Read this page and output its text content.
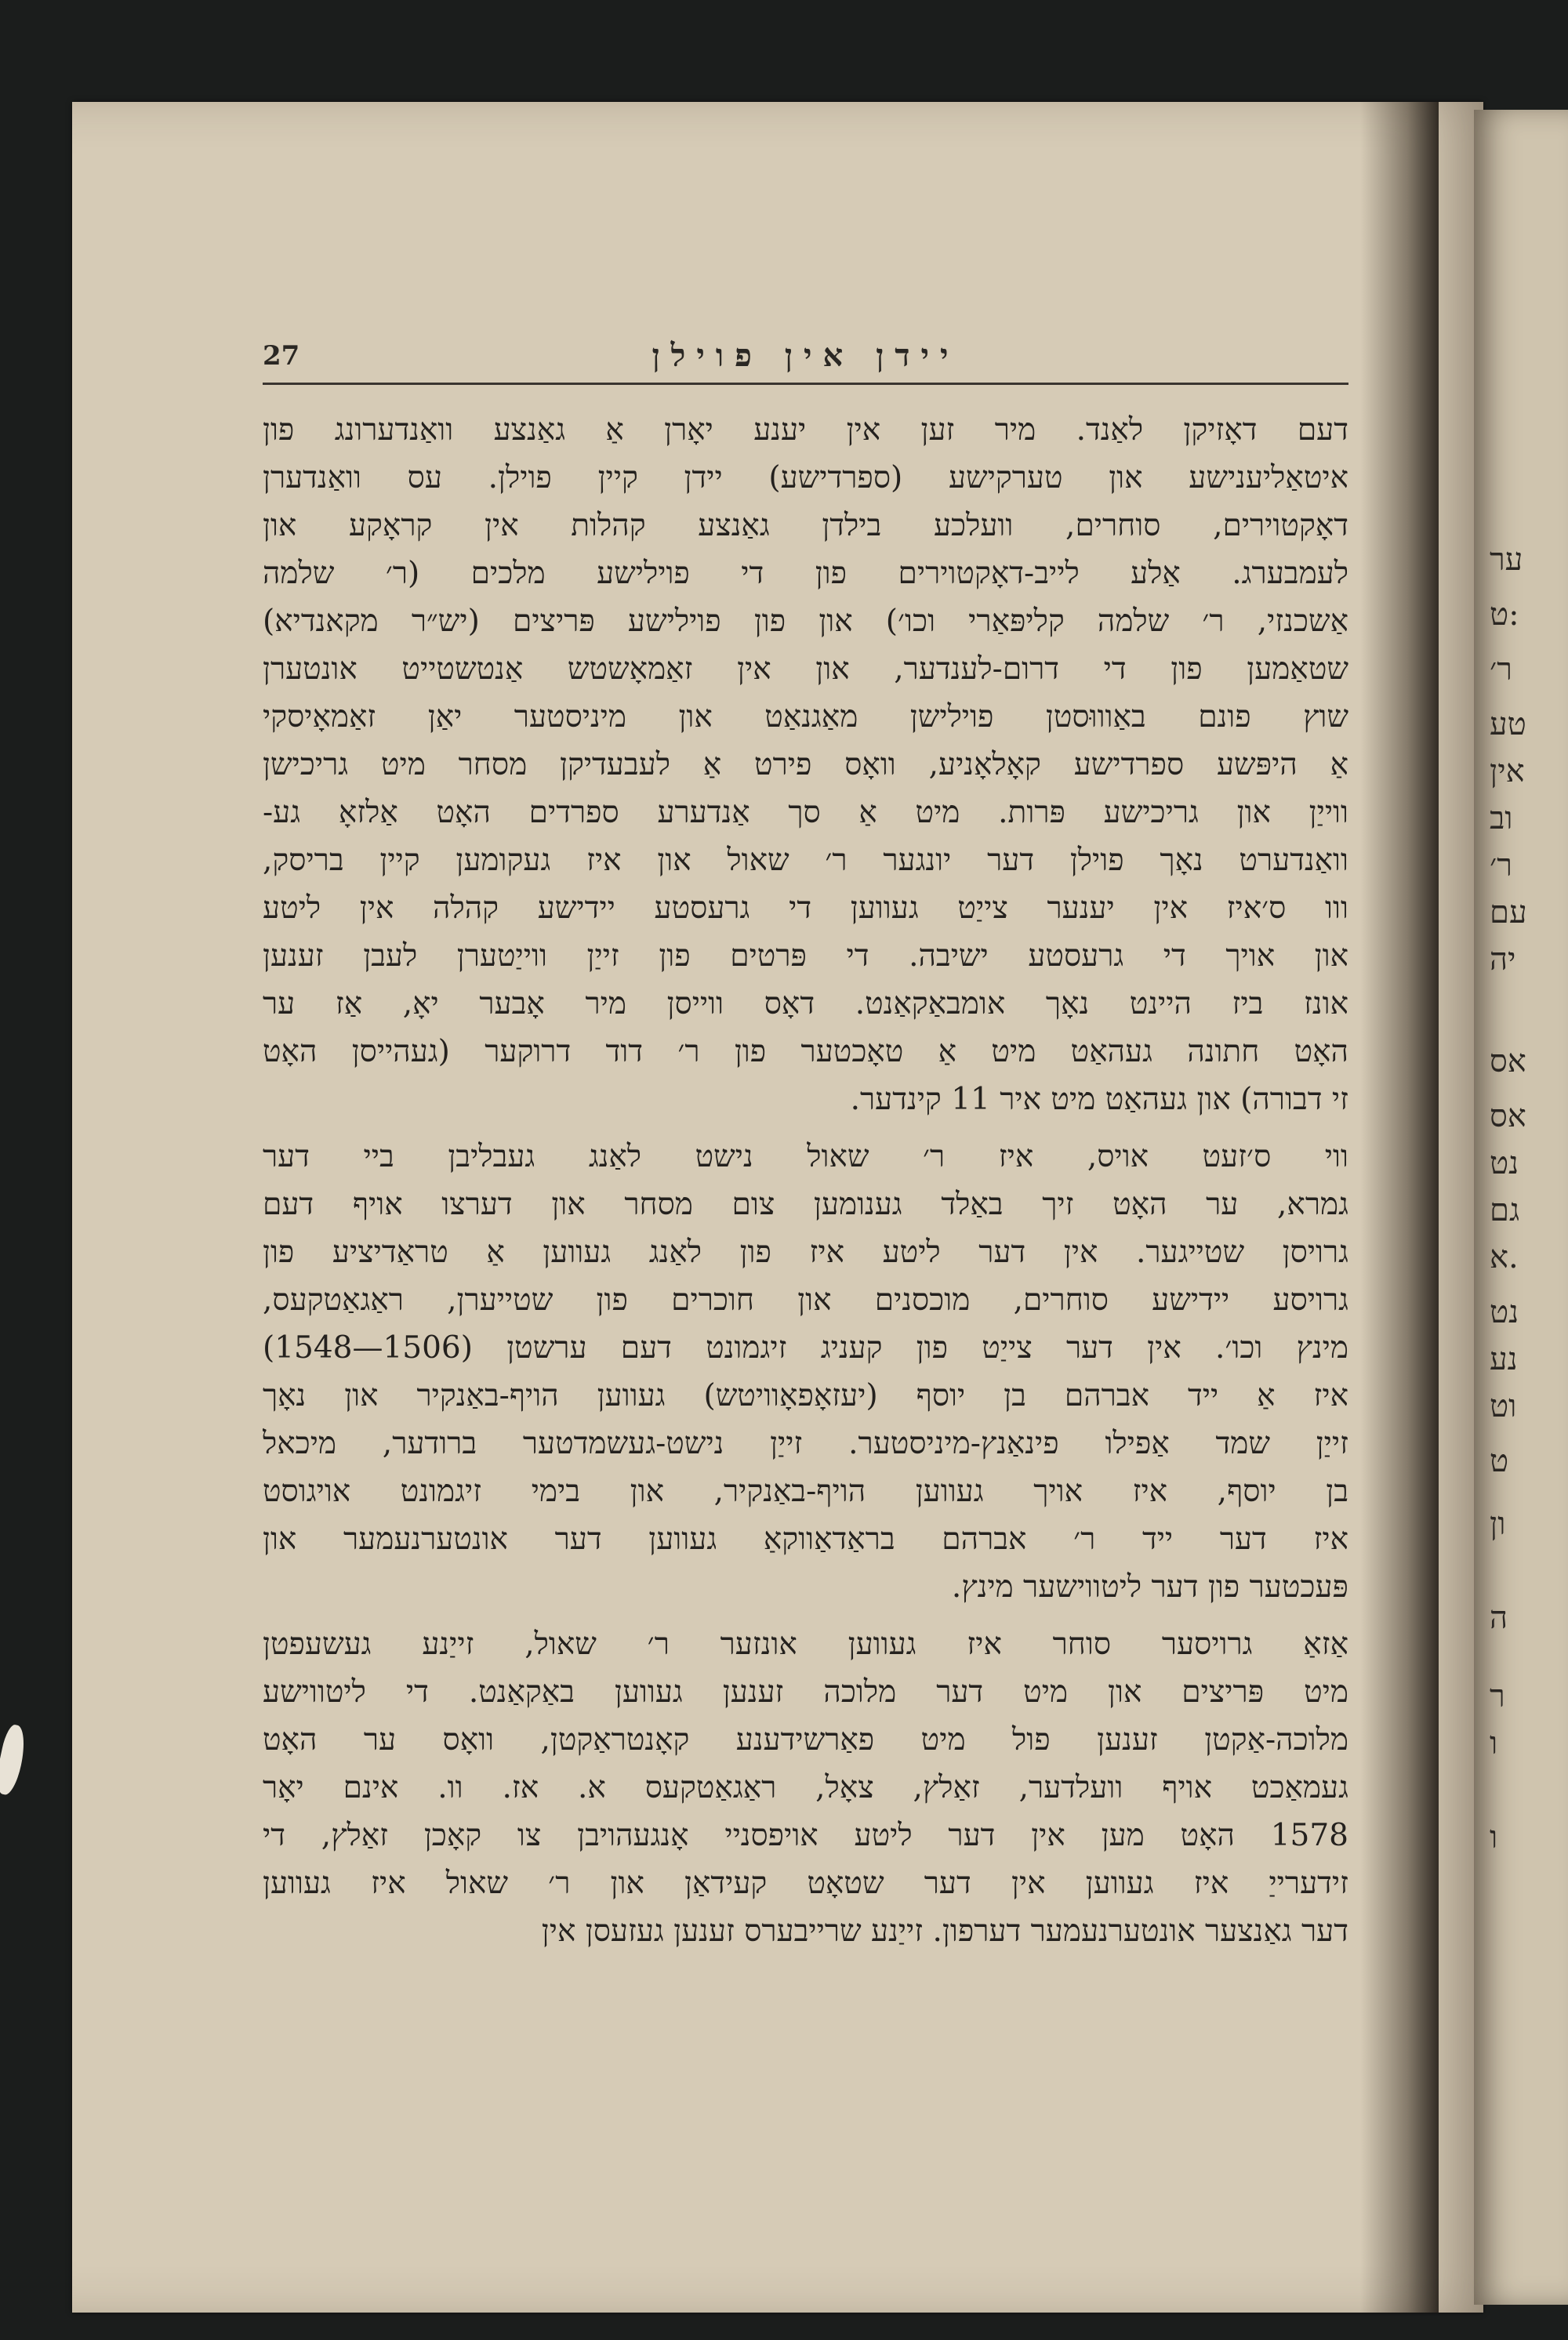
ער
ט:
ר׳
טע
אין
וב
ר׳
עם
יה
אס
אס
נט
גם
א.
נט
נע
וט
ט
ון
ה
ר
ו
ו
27	יידן אין פוילן
דעם דאָזיקן לאַנד. מיר זען אין יענע יאָרן אַ גאַנצע וואַנדערונג פון
איטאַליענישע און טערקישע (ספרדישע) יידן קיין פוילן. עס וואַנדערן
דאָקטוירים, סוחרים, וועלכע בילדן גאַנצע קהלות אין קראָקע און
לעמבערג. אַלע לייב-דאָקטוירים פון די פוילישע מלכים (ר׳ שלמה
אַשכנזי, ר׳ שלמה קליפּאַרי וכו׳) און פון פוילישע פּריצים (יש״ר מקאנדיא)
שטאַמען פון די דרום-לענדער, און אין זאַמאָשטש אַנטשטייט אונטערן
שוץ פונם באַוווּסטן פוילישן מאַגנאַט און מיניסטער יאַן זאַמאָיסקי
אַ היפּשע ספרדישע קאָלאָניע, וואָס פירט אַ לעבעדיקן מסחר מיט גריכישן
ווייַן און גריכישע פּרות. מיט אַ סך אַנדערע ספרדים האָט אַלזאָ גע-
וואַנדערט נאָך פוילן דער יונגער ר׳ שאול און איז געקומען קיין בריסק,
ווו ס׳איז אין יענער צייַט געווען די גרעסטע יידישע קהלה אין ליטע
און אויך די גרעסטע ישיבה. די פּרטים פון זייַן ווייַטערן לעבן זענען
אונז ביז היינט נאָך אומבאַקאַנט. דאָס ווייסן מיר אָבער יאָ, אַז ער
האָט חתונה געהאַט מיט אַ טאָכטער פון ר׳ דוד דרוקער (געהייסן האָט
זי דבורה) און געהאַט מיט איר 11 קינדער.
ווי ס׳זעט אויס, איז ר׳ שאול נישט לאַנג געבליבן ביי דער
גמרא, ער האָט זיך באַלד גענומען צום מסחר און דערצו אויף דעם
גרויסן שטייגער. אין דער ליטע איז פון לאַנג געווען אַ טראַדיציע פון
גרויסע יידישע סוחרים, מוכסנים און חוכרים פון שטייערן, ראַגאַטקעס,
מינץ וכו׳. אין דער צייַט פון קעניג זיגמונט דעם ערשטן (1506—1548)
איז אַ ייד אברהם בן יוסף (יעזאָפאָוויטש) געווען הויף-באַנקיר און נאָך
זייַן שמד אַפילו פינאַנץ-מיניסטער. זייַן נישט-געשמדטער ברודער, מיכאל
בן יוסף, איז אויך געווען הויף-באַנקיר, און בימי זיגמונט אויגוסט
איז דער ייד ר׳ אברהם בראַדאַווקאַ געווען דער אונטערנעמער און
פּעכטער פון דער ליטווישער מינץ.
אַזאַ גרויסער סוחר איז געווען אונזער ר׳ שאול, זייַנע געשעפטן
מיט פּריצים און מיט דער מלוכה זענען געווען באַקאַנט. די ליטווישע
מלוכה-אַקטן זענען פול מיט פאַרשידענע קאָנטראַקטן, וואָס ער האָט
געמאַכט אויף וועלדער, זאַלץ, צאָל, ראַגאַטקעס א. אז. וו. אינם יאָר
1578 האָט מען אין דער ליטע אויפסניי אָנגעהויבן צו קאָכן זאַלץ, די
זידערייַ איז געווען אין דער שטאָט קעידאַן און ר׳ שאול איז געווען
דער גאַנצער אונטערנעמער דערפון. זייַנע שרייבערס זענען געזעסן אין
